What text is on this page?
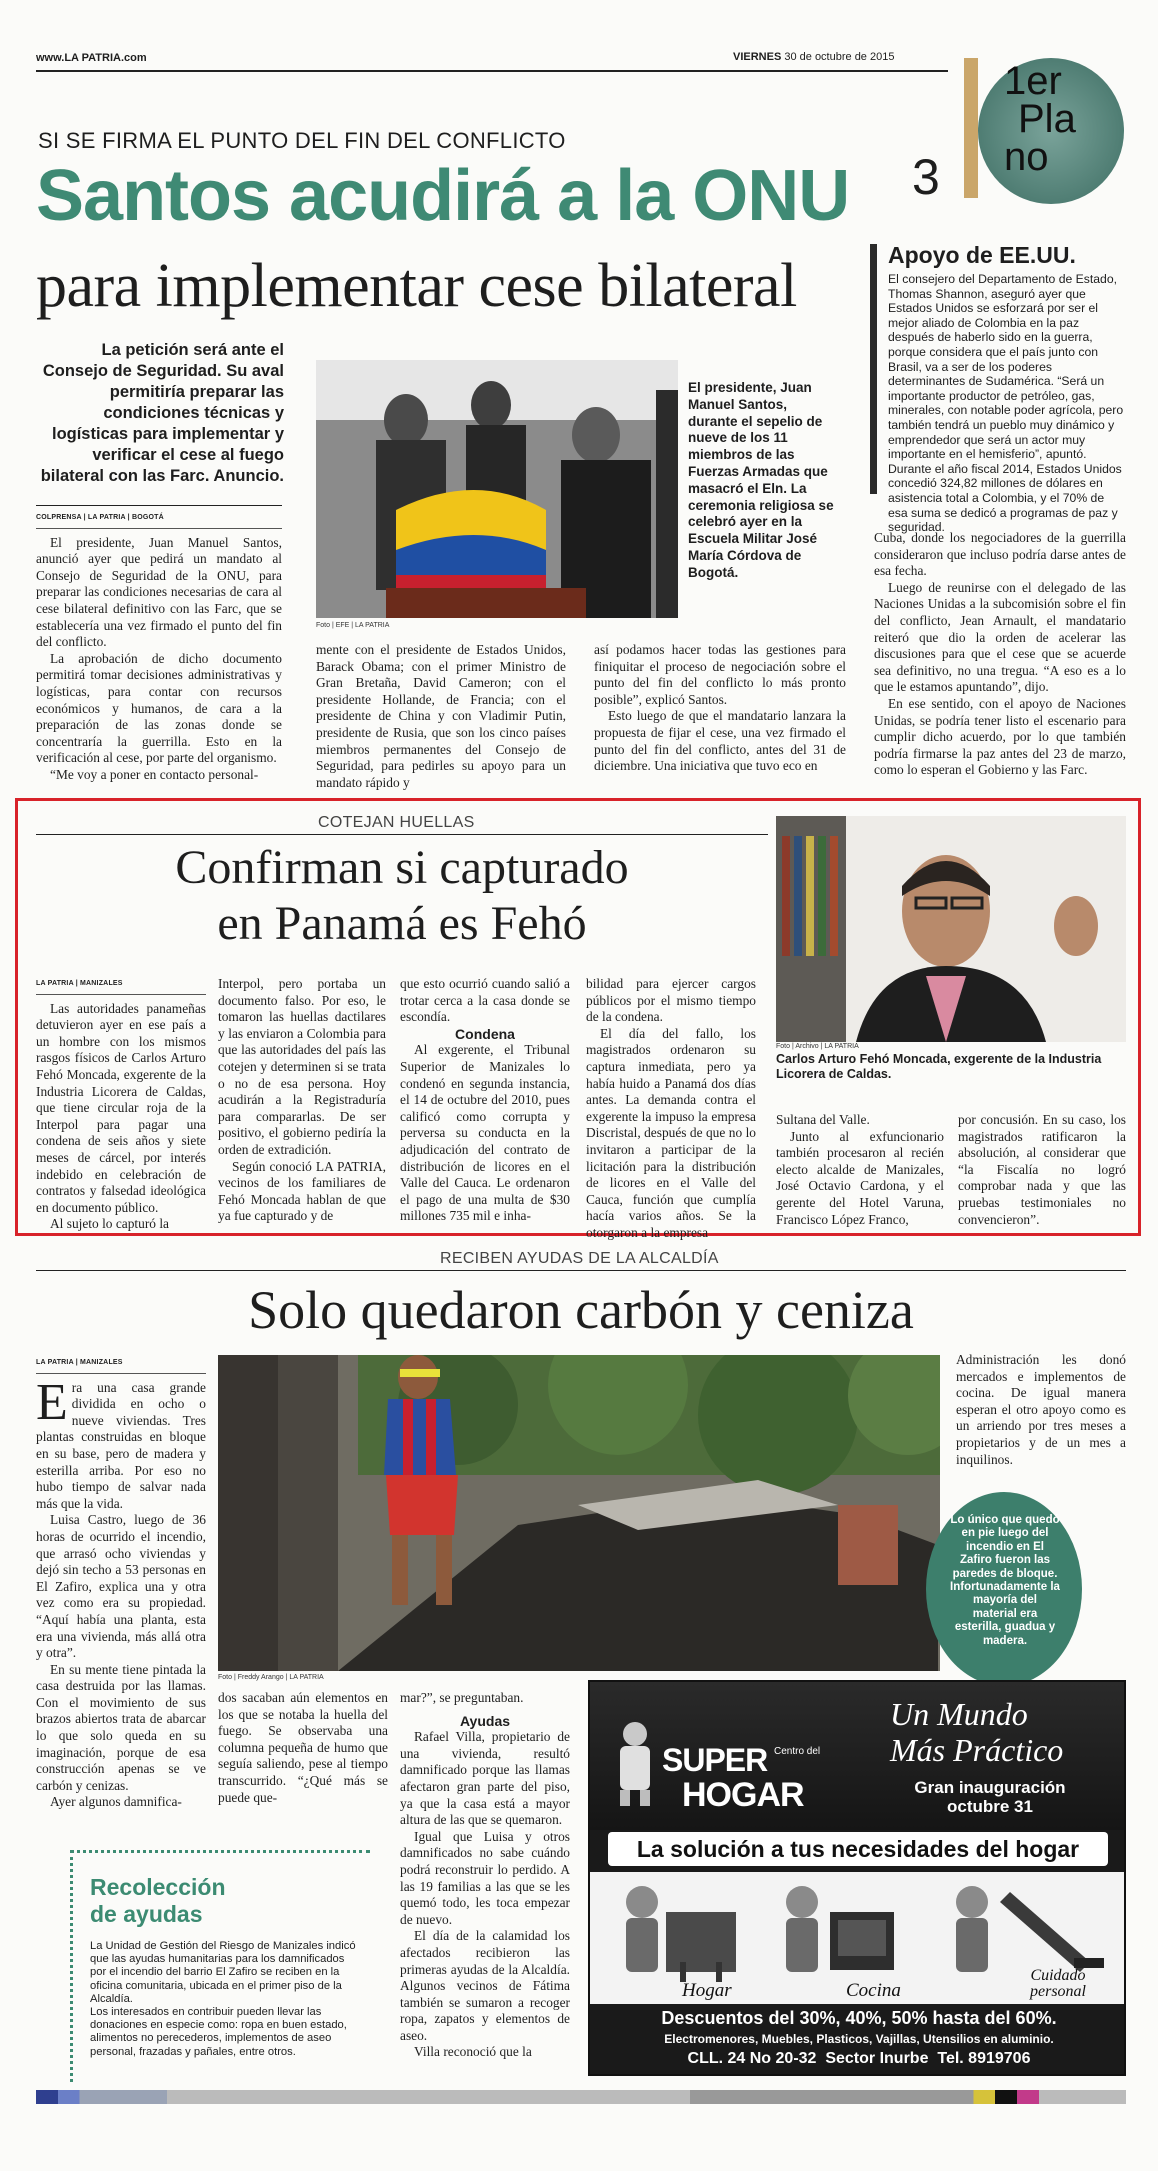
www.LA PATRIA.com	VIERNES 30 de octubre de 2015
3
1er
Pla
no
SI SE FIRMA EL PUNTO DEL FIN DEL CONFLICTO
Santos acudirá a la ONU
para implementar cese bilateral
La petición será ante el Consejo de Seguridad. Su aval permitiría preparar las condiciones técnicas y logísticas para implementar y verificar el cese al fuego bilateral con las Farc. Anuncio.
Foto | EFE | LA PATRIA
El presidente, Juan Manuel Santos, durante el sepelio de nueve de los 11 miembros de las Fuerzas Armadas que masacró el Eln. La ceremonia religiosa se celebró ayer en la Escuela Militar José María Córdova de Bogotá.

COLPRENSA | LA PATRIA | BOGOTÁ

El presidente, Juan Manuel Santos, anunció ayer que pedirá un mandato al Consejo de Seguridad de la ONU, para preparar las condiciones necesarias de cara al cese bilateral definitivo con las Farc, que se establecería una vez firmado el punto del fin del conflicto.

La aprobación de dicho documento permitirá tomar decisiones administrativas y logísticas, para contar con recursos económicos y humanos, de cara a la preparación de las zonas donde se concentraría la guerrilla. Esto en la verificación al cese, por parte del organismo.

“Me voy a poner en contacto personal-

mente con el presidente de Estados Unidos, Barack Obama; con el primer Ministro de Gran Bretaña, David Cameron; con el presidente Hollande, de Francia; con el presidente de China y con Vladimir Putin, presidente de Rusia, que son los cinco países miembros permanentes del Consejo de Seguridad, para pedirles su apoyo para un mandato rápido y

así podamos hacer todas las gestiones para finiquitar el proceso de negociación sobre el punto del fin del conflicto lo más pronto posible”, explicó Santos.

Esto luego de que el mandatario lanzara la propuesta de fijar el cese, una vez firmado el punto del fin del conflicto, antes del 31 de diciembre. Una iniciativa que tuvo eco en

Cuba, donde los negociadores de la guerrilla consideraron que incluso podría darse antes de esa fecha.

Luego de reunirse con el delegado de las Naciones Unidas a la subcomisión sobre el fin del conflicto, Jean Arnault, el mandatario reiteró que dio la orden de acelerar las discusiones para que el cese que se acuerde sea definitivo, no una tregua. “A eso es a lo que le estamos apuntando”, dijo.

En ese sentido, con el apoyo de Naciones Unidas, se podría tener listo el escenario para cumplir dicho acuerdo, por lo que también podría firmarse la paz antes del 23 de marzo, como lo esperan el Gobierno y las Farc.

Apoyo de EE.UU.
El consejero del Departamento de Estado, Thomas Shannon, aseguró ayer que Estados Unidos se esforzará por ser el mejor aliado de Colombia en la paz después de haberlo sido en la guerra, porque considera que el país junto con Brasil, va a ser de los poderes determinantes de Sudamérica. “Será un importante productor de petróleo, gas, minerales, con notable poder agrícola, pero también tendrá un pueblo muy dinámico y emprendedor que será un actor muy importante en el hemisferio”, apuntó. Durante el año fiscal 2014, Estados Unidos concedió 324,82 millones de dólares en asistencia total a Colombia, y el 70% de esa suma se dedicó a programas de paz y seguridad.
COTEJAN HUELLAS
Confirman si capturado
en Panamá es Fehó

LA PATRIA | MANIZALES

Las autoridades panameñas detuvieron ayer en ese país a un hombre con los mismos rasgos físicos de Carlos Arturo Fehó Moncada, exgerente de la Industria Licorera de Caldas, que tiene circular roja de la Interpol para pagar una condena de seis años y siete meses de cárcel, por interés indebido en celebración de contratos y falsedad ideológica en documento público.

Al sujeto lo capturó la

Interpol, pero portaba un documento falso. Por eso, le tomaron las huellas dactilares y las enviaron a Colombia para que las autoridades del país las cotejen y determinen si se trata o no de esa persona. Hoy acudirán a la Registraduría para compararlas. De ser positivo, el gobierno pediría la orden de extradición.

Según conoció LA PATRIA, vecinos de los familiares de Fehó Moncada hablan de que ya fue capturado y de

que esto ocurrió cuando salió a trotar cerca a la casa donde se escondía.

Condena

Al exgerente, el Tribunal Superior de Manizales lo condenó en segunda instancia, el 14 de octubre del 2010, pues calificó como corrupta y perversa su conducta en la adjudicación del contrato de distribución de licores en el Valle del Cauca. Le ordenaron el pago de una multa de $30 millones 735 mil e inha-

bilidad para ejercer cargos públicos por el mismo tiempo de la condena.

El día del fallo, los magistrados ordenaron su captura inmediata, pero ya había huido a Panamá dos días antes. La demanda contra el exgerente la impuso la empresa Discristal, después de que no lo invitaron a participar de la licitación para la distribución de licores en el Valle del Cauca, función que cumplía hacía varios años. Se la otorgaron a la empresa

Sultana del Valle.

Junto al exfuncionario también procesaron al recién electo alcalde de Manizales, José Octavio Cardona, y el gerente del Hotel Varuna, Francisco López Franco,

por concusión. En su caso, los magistrados ratificaron la absolución, al considerar que “la Fiscalía no logró comprobar nada y que las pruebas testimoniales no convencieron”.

Foto | Archivo | LA PATRIA
Carlos Arturo Fehó Moncada, exgerente de la Industria Licorera de Caldas.
RECIBEN AYUDAS DE LA ALCALDÍA
Solo quedaron carbón y ceniza

LA PATRIA | MANIZALES

Era una casa grande dividida en ocho o nueve viviendas. Tres plantas construidas en bloque en su base, pero de madera y esterilla arriba. Por eso no hubo tiempo de salvar nada más que la vida.

Luisa Castro, luego de 36 horas de ocurrido el incendio, que arrasó ocho viviendas y dejó sin techo a 53 personas en El Zafiro, explica una y otra vez como era su propiedad. “Aquí había una planta, esta era una vivienda, más allá otra y otra”.

En su mente tiene pintada la casa destruida por las llamas. Con el movimiento de sus brazos abiertos trata de abarcar lo que solo queda en su imaginación, porque de esa construcción apenas se ve carbón y cenizas.

Ayer algunos damnifica-

Foto | Freddy Arango | LA PATRIA

Administración les donó mercados e implementos de cocina. De igual manera esperan el otro apoyo como es un arriendo por tres meses a propietarios y de un mes a inquilinos.

Lo único que quedó en pie luego del incendio en El Zafiro fueron las paredes de bloque. Infortunadamente la mayoría del material era esterilla, guadua y madera.

dos sacaban aún elementos en los que se notaba la huella del fuego. Se observaba una columna pequeña de humo que seguía saliendo, pese al tiempo transcurrido. “¿Qué más se puede que-

mar?”, se preguntaban.

Ayudas

Rafael Villa, propietario de una vivienda, resultó damnificado porque las llamas afectaron gran parte del piso, ya que la casa está a mayor altura de las que se quemaron.

Igual que Luisa y otros damnificados no sabe cuándo podrá reconstruir lo perdido. A las 19 familias a las que se les quemó todo, les toca empezar de nuevo.

El día de la calamidad los afectados recibieron las primeras ayudas de la Alcaldía. Algunos vecinos de Fátima también se sumaron a recoger ropa, zapatos y elementos de aseo.

Villa reconoció que la

Recolección
de ayudas
La Unidad de Gestión del Riesgo de Manizales indicó que las ayudas humanitarias para los damnificados por el incendio del barrio El Zafiro se reciben en la oficina comunitaria, ubicada en el primer piso de la Alcaldía.
Los interesados en contribuir pueden llevar las donaciones en especie como: ropa en buen estado, alimentos no perecederos, implementos de aseo personal, frazadas y pañales, entre otros.
SUPER Centro del
HOGAR
Un Mundo
Más Práctico
Gran inauguración
octubre 31
La solución a tus necesidades del hogar
Hogar	Cocina
Cuidado
personal
Descuentos del 30%, 40%, 50% hasta del 60%.
Electromenores, Muebles, Plasticos, Vajillas, Utensilios en aluminio.
CLL. 24 No 20-32  Sector Inurbe  Tel. 8919706
